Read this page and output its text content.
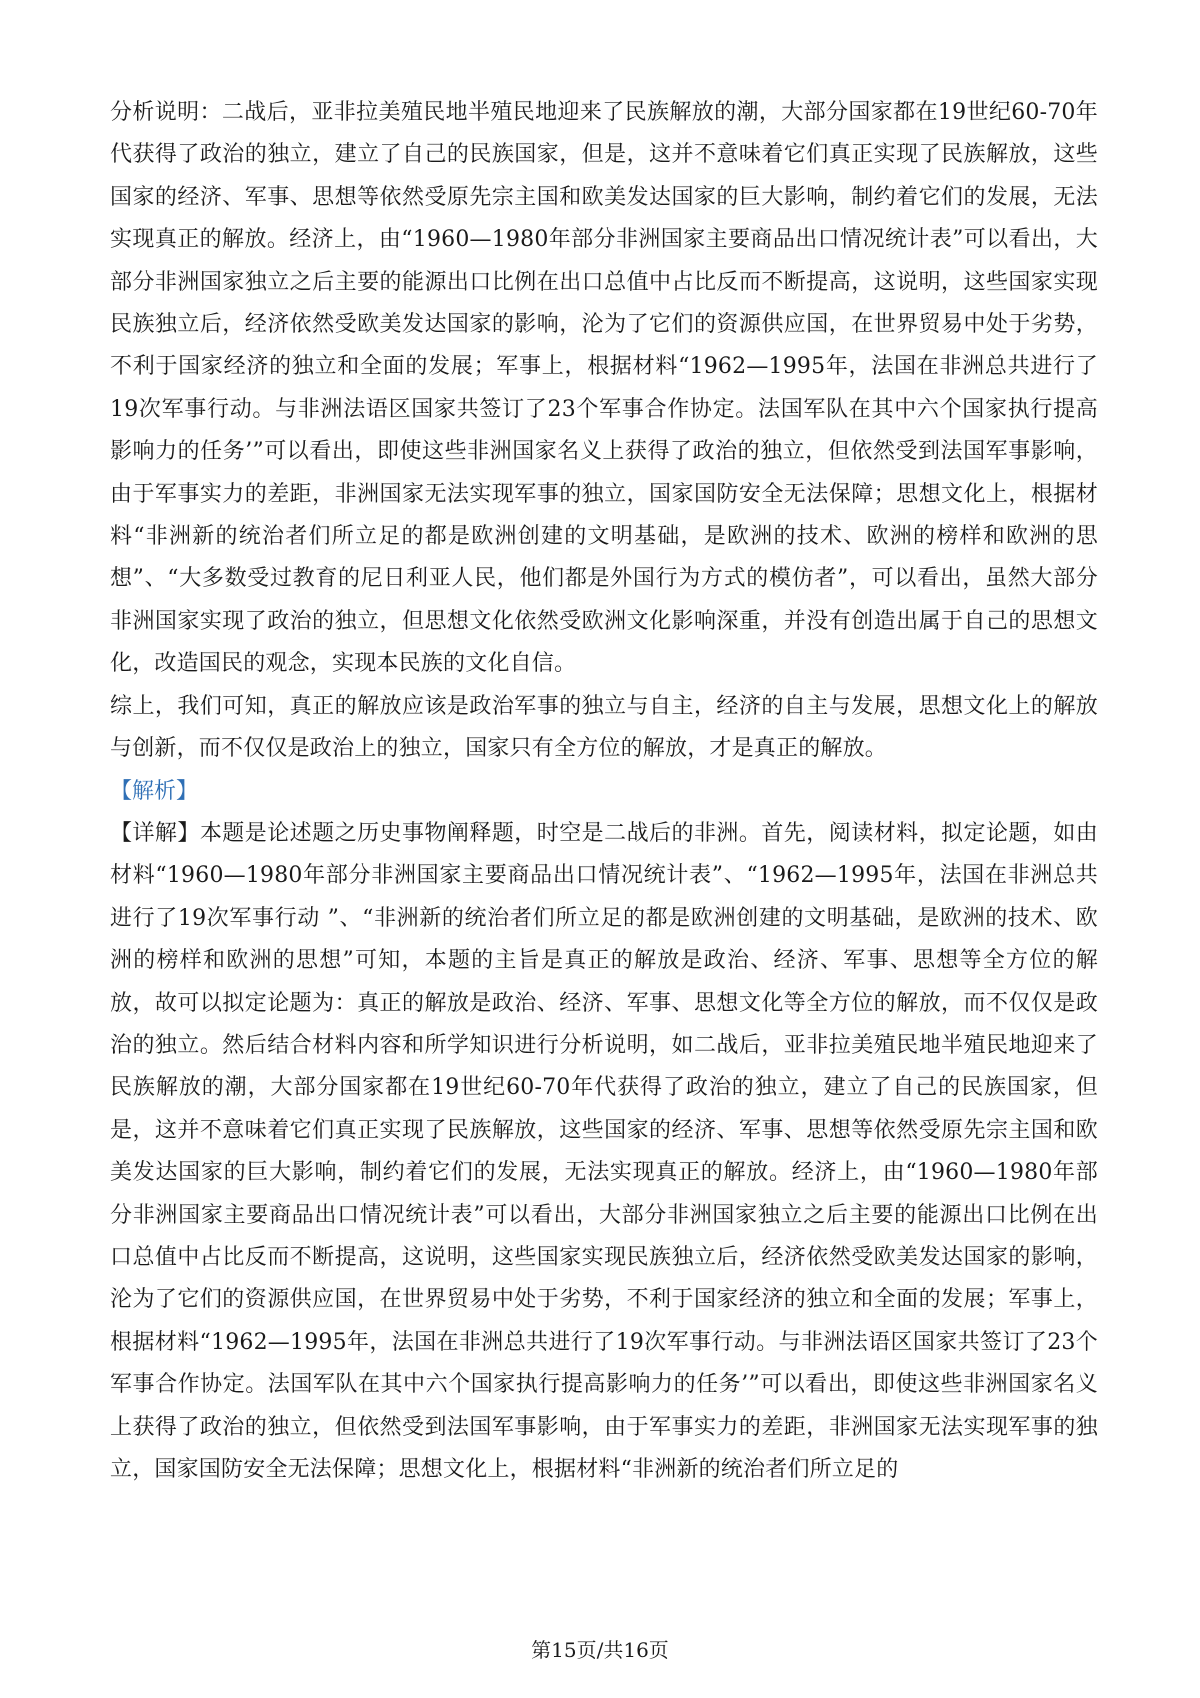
分析说明：二战后，亚非拉美殖民地半殖民地迎来了民族解放的潮，大部分国家都在19世纪60-70年代获得了政治的独立，建立了自己的民族国家，但是，这并不意味着它们真正实现了民族解放，这些国家的经济、军事、思想等依然受原先宗主国和欧美发达国家的巨大影响，制约着它们的发展，无法实现真正的解放。经济上，由“1960—1980年部分非洲国家主要商品出口情况统计表”可以看出，大部分非洲国家独立之后主要的能源出口比例在出口总值中占比反而不断提高，这说明，这些国家实现民族独立后，经济依然受欧美发达国家的影响，沦为了它们的资源供应国，在世界贸易中处于劣势，不利于国家经济的独立和全面的发展；军事上，根据材料“1962—1995年，法国在非洲总共进行了19次军事行动。与非洲法语区国家共签订了23个军事合作协定。法国军队在其中六个国家执行提高影响力的任务’”可以看出，即使这些非洲国家名义上获得了政治的独立，但依然受到法国军事影响，由于军事实力的差距，非洲国家无法实现军事的独立，国家国防安全无法保障；思想文化上，根据材料“非洲新的统治者们所立足的都是欧洲创建的文明基础，是欧洲的技术、欧洲的榜样和欧洲的思想”、“大多数受过教育的尼日利亚人民，他们都是外国行为方式的模仿者”，可以看出，虽然大部分非洲国家实现了政治的独立，但思想文化依然受欧洲文化影响深重，并没有创造出属于自己的思想文化，改造国民的观念，实现本民族的文化自信。

综上，我们可知，真正的解放应该是政治军事的独立与自主，经济的自主与发展，思想文化上的解放与创新，而不仅仅是政治上的独立，国家只有全方位的解放，才是真正的解放。

【解析】

【详解】本题是论述题之历史事物阐释题，时空是二战后的非洲。首先，阅读材料，拟定论题，如由材料“1960—1980年部分非洲国家主要商品出口情况统计表”、“1962—1995年，法国在非洲总共进行了19次军事行动 ”、“非洲新的统治者们所立足的都是欧洲创建的文明基础，是欧洲的技术、欧洲的榜样和欧洲的思想”可知，本题的主旨是真正的解放是政治、经济、军事、思想等全方位的解放，故可以拟定论题为：真正的解放是政治、经济、军事、思想文化等全方位的解放，而不仅仅是政治的独立。然后结合材料内容和所学知识进行分析说明，如二战后，亚非拉美殖民地半殖民地迎来了民族解放的潮，大部分国家都在19世纪60-70年代获得了政治的独立，建立了自己的民族国家，但是，这并不意味着它们真正实现了民族解放，这些国家的经济、军事、思想等依然受原先宗主国和欧美发达国家的巨大影响，制约着它们的发展，无法实现真正的解放。经济上，由“1960—1980年部分非洲国家主要商品出口情况统计表”可以看出，大部分非洲国家独立之后主要的能源出口比例在出口总值中占比反而不断提高，这说明，这些国家实现民族独立后，经济依然受欧美发达国家的影响，沦为了它们的资源供应国，在世界贸易中处于劣势，不利于国家经济的独立和全面的发展；军事上，根据材料“1962—1995年，法国在非洲总共进行了19次军事行动。与非洲法语区国家共签订了23个军事合作协定。法国军队在其中六个国家执行提高影响力的任务’”可以看出，即使这些非洲国家名义上获得了政治的独立，但依然受到法国军事影响，由于军事实力的差距，非洲国家无法实现军事的独立，国家国防安全无法保障；思想文化上，根据材料“非洲新的统治者们所立足的

第15页/共16页
